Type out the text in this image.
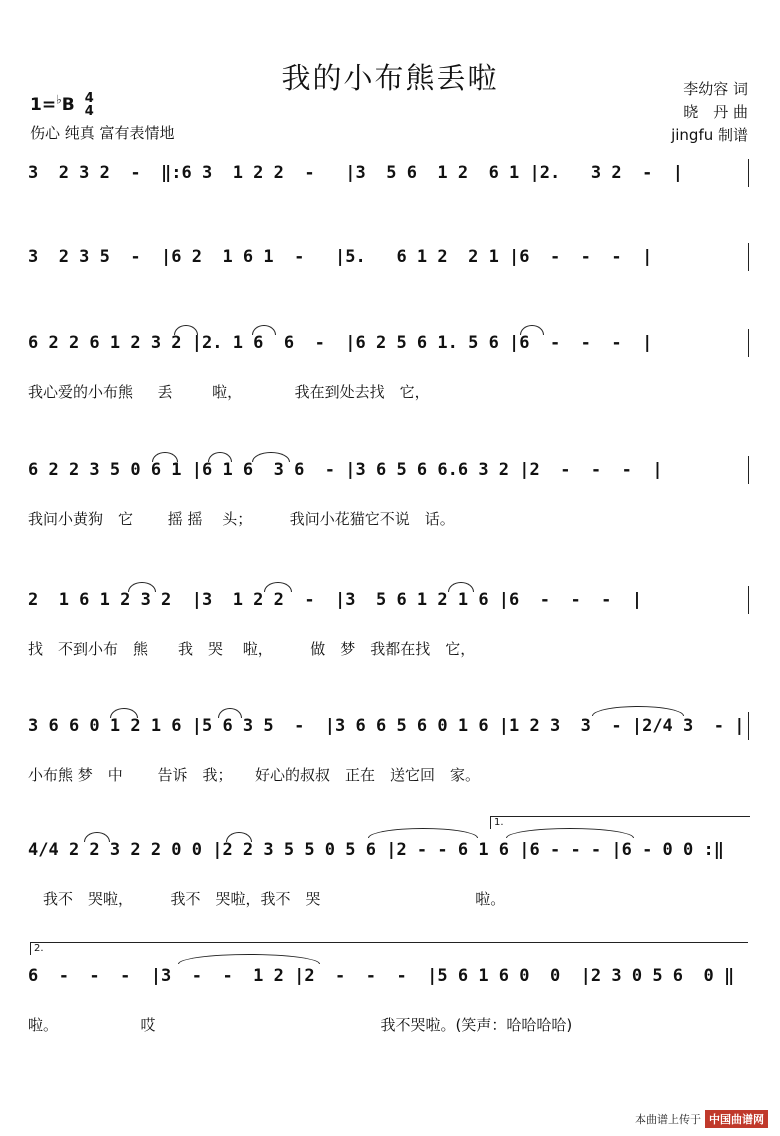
我的小布熊丢啦
1=♭B 4
4
伤心 纯真 富有表情地
李幼容 词
晓　丹 曲
jingfu 制谱
3  2 3 2  -  ‖:6 3  1 2 2  -   |3  5 6  1 2  6 1 |2.   3 2  -  |
3  2 3 5  -  |6 2  1 6 1  -   |5.   6 1 2  2 1 |6  -  -  -  |
6 2 2 6 1 2 3 2 |2. 1 6  6  -  |6 2 5 6 1. 5 6 |6  -  -  -  |
我心爱的小布熊　  丢　　  啦，　　　　我在到处去找　它，
6 2 2 3 5 0 6 1 |6 1 6  3 6  - |3 6 5 6 6.6 3 2 |2  -  -  -  |
我问小黄狗　它　　 摇 摇　 头；　　　我问小花猫它不说　话。
2  1 6 1 2 3 2  |3  1 2 2  -  |3  5 6 1 2 1 6 |6  -  -  -  |
找　不到小布　熊　　我　哭　 啦，　　　做　梦　我都在找　它，
3 6 6 0 1 2 1 6 |5 6 3 5  -  |3 6 6 5 6 0 1 6 |1 2 3  3  - |2/4 3  - |
小布熊 梦　中　　 告诉　我；　　好心的叔叔　正在　送它回　家。
1.
4/4 2 2 3 2 2 0 0 |2 2 3 5 5 0 5 6 |2 - - 6 1 6 |6 - - - |6 - 0 0 :‖
　我不　哭啦，　　　我不　哭啦，我不　哭　　　　　　　　　　 啦。
2.
6  -  -  -  |3  -  -  1 2 |2  -  -  -  |5 6 1 6 0  0  |2 3 0 5 6  0 ‖
啦。　　　　　　哎　　　　　　　　　　　　　　　我不哭啦。(笑声：哈哈哈哈)
本曲谱上传于 中国曲谱网
